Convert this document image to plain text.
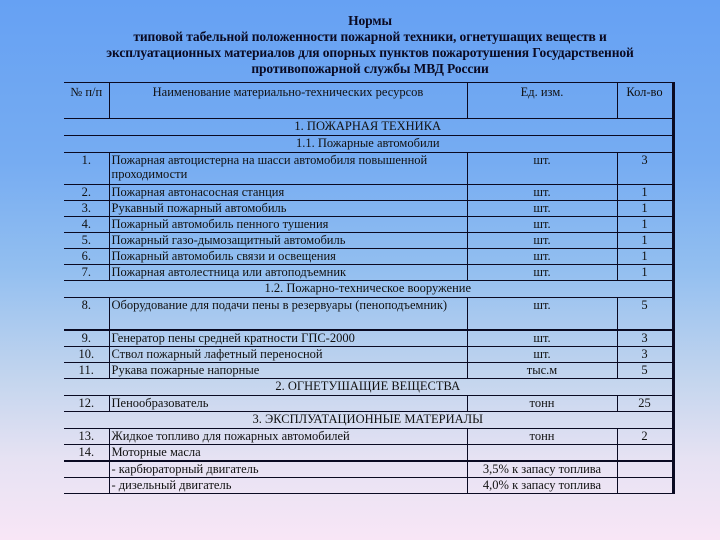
Нормы
типовой табельной положенности пожарной техники, огнетушащих веществ и
эксплуатационных материалов для опорных пунктов пожаротушения Государственной
противопожарной службы МВД России
№ п/п	Наименование материально-технических ресурсов	Ед. изм.	Кол-во
1. ПОЖАРНАЯ ТЕХНИКА			
1.1. Пожарные автомобили			
1.	Пожарная автоцистерна на шасси автомобиля повышенной проходимости	шт.	3
2.	Пожарная автонасосная станция	шт.	1
3.	Рукавный пожарный автомобиль	шт.	1
4.	Пожарный автомобиль пенного тушения	шт.	1
5.	Пожарный газо-дымозащитный автомобиль	шт.	1
6.	Пожарный автомобиль связи и освещения	шт.	1
7.	Пожарная автолестница или автоподъемник	шт.	1
1.2. Пожарно-техническое вооружение			
8.	Оборудование для подачи пены в резервуары (пеноподъемник)	шт.	5
9.	Генератор пены средней кратности ГПС-2000	шт.	3
10.	Ствол пожарный лафетный переносной	шт.	3
11.	Рукава пожарные напорные	тыс.м	5
2. ОГНЕТУШАЩИЕ ВЕЩЕСТВА			
12.	Пенообразователь	тонн	25
3. ЭКСПЛУАТАЦИОННЫЕ МАТЕРИАЛЫ			
13.	Жидкое топливо для пожарных автомобилей	тонн	2
14.	Моторные масла		
	- карбюраторный двигатель	3,5% к запасу топлива	
	- дизельный двигатель	4,0% к запасу топлива	
